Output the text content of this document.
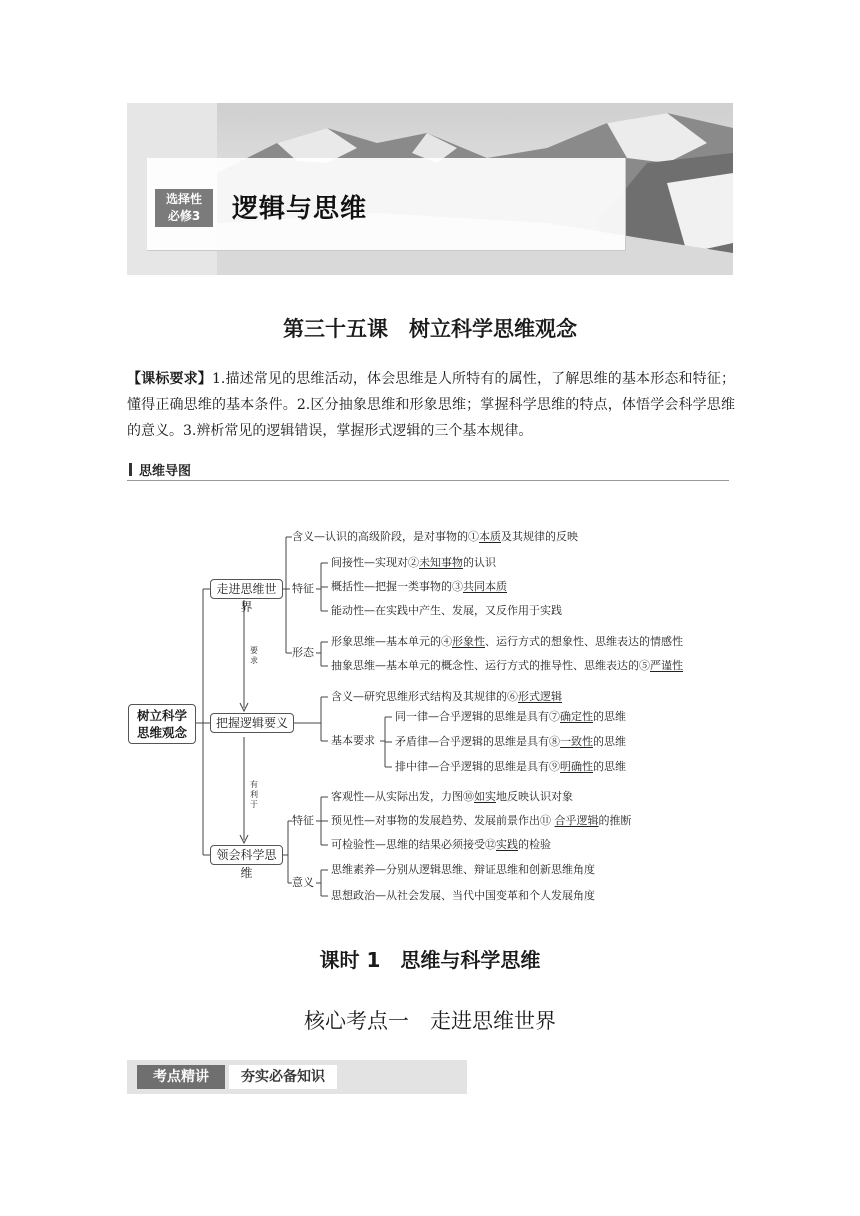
选择性
必修3	逻辑与思维
第三十五课　树立科学思维观念
【课标要求】1.描述常见的思维活动，体会思维是人所特有的属性，了解思维的基本形态和特征；懂得正确思维的基本条件。2.区分抽象思维和形象思维；掌握科学思维的特点，体悟学会科学思维的意义。3.辨析常见的逻辑错误，掌握形式逻辑的三个基本规律。
思维导图
树立科学
思维观念
走进思维世界
把握逻辑要义
领会科学思维
要求
有利于
含义—认识的高级阶段，是对事物的①本质及其规律的反映
特征
间接性—实现对②未知事物的认识
概括性—把握一类事物的③共同本质
能动性—在实践中产生、发展，又反作用于实践
形态
形象思维—基本单元的④形象性、运行方式的想象性、思维表达的情感性
抽象思维—基本单元的概念性、运行方式的推导性、思维表达的⑤严谨性
含义—研究思维形式结构及其规律的⑥形式逻辑
基本要求
同一律—合乎逻辑的思维是具有⑦确定性的思维
矛盾律—合乎逻辑的思维是具有⑧一致性的思维
排中律—合乎逻辑的思维是具有⑨明确性的思维
特征
客观性—从实际出发，力图⑩如实地反映认识对象
预见性—对事物的发展趋势、发展前景作出⑪ 合乎逻辑的推断
可检验性—思维的结果必须接受⑫实践的检验
意义
思维素养—分别从逻辑思维、辩证思维和创新思维角度
思想政治—从社会发展、当代中国变革和个人发展角度
课时 1　思维与科学思维
核心考点一　走进思维世界
考点精讲	夯实必备知识
